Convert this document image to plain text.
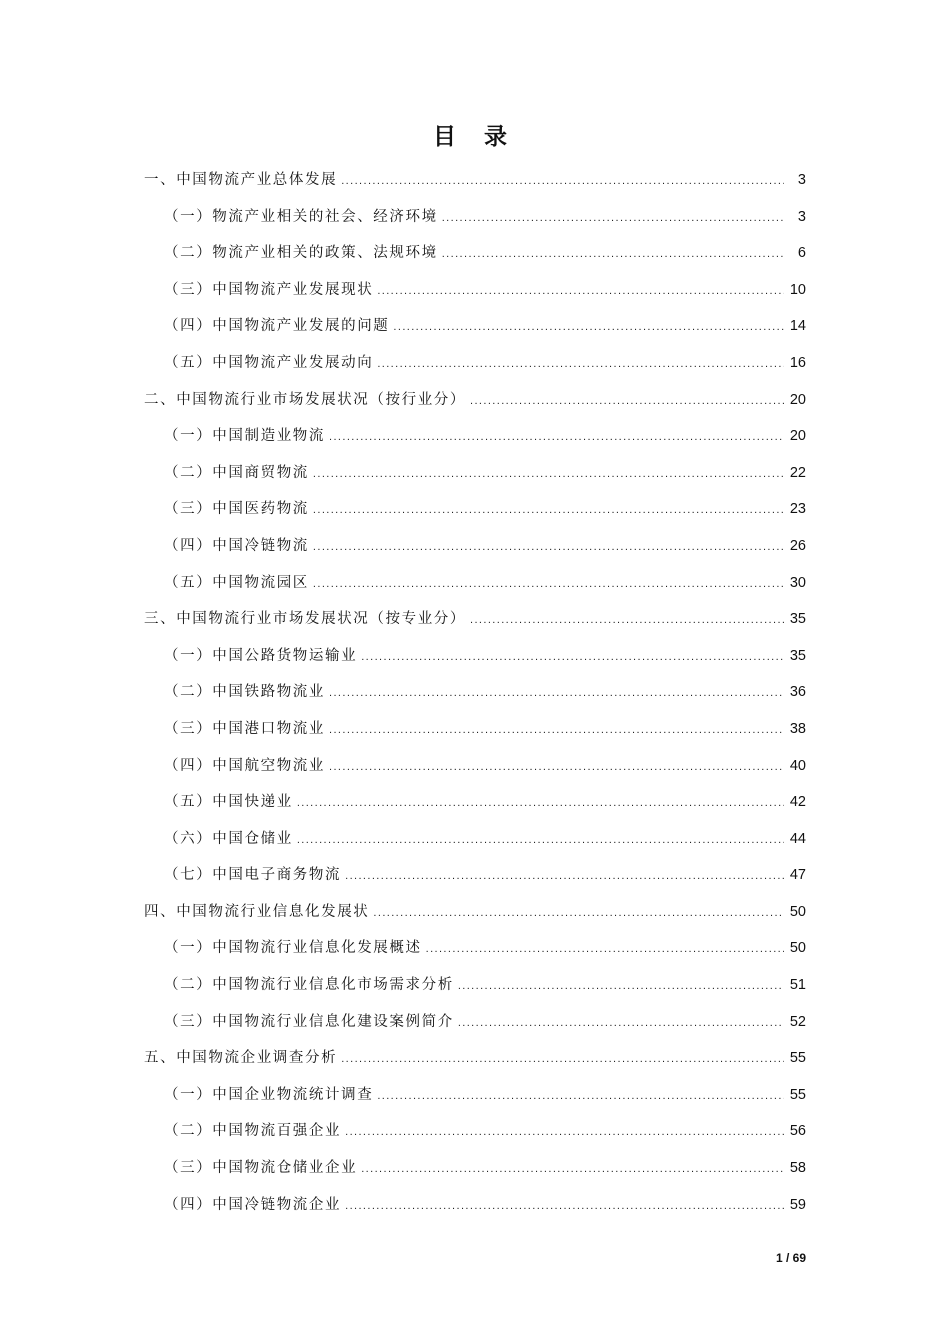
目 录
一、中国物流产业总体发展 .....	3
（一）物流产业相关的社会、经济环境 .....	3
（二）物流产业相关的政策、法规环境 .....	6
（三）中国物流产业发展现状 .....	10
（四）中国物流产业发展的问题 .....	14
（五）中国物流产业发展动向 .....	16
二、中国物流行业市场发展状况（按行业分） .....	20
（一）中国制造业物流 .....	20
（二）中国商贸物流 .....	22
（三）中国医药物流 .....	23
（四）中国冷链物流 .....	26
（五）中国物流园区 .....	30
三、中国物流行业市场发展状况（按专业分） .....	35
（一）中国公路货物运输业 .....	35
（二）中国铁路物流业 .....	36
（三）中国港口物流业 .....	38
（四）中国航空物流业 .....	40
（五）中国快递业 .....	42
（六）中国仓储业 .....	44
（七）中国电子商务物流 .....	47
四、中国物流行业信息化发展状 .....	50
（一）中国物流行业信息化发展概述 .....	50
（二）中国物流行业信息化市场需求分析 .....	51
（三）中国物流行业信息化建设案例简介 .....	52
五、中国物流企业调查分析 .....	55
（一）中国企业物流统计调查 .....	55
（二）中国物流百强企业 .....	56
（三）中国物流仓储业企业 .....	58
（四）中国冷链物流企业 .....	59
1 / 69
